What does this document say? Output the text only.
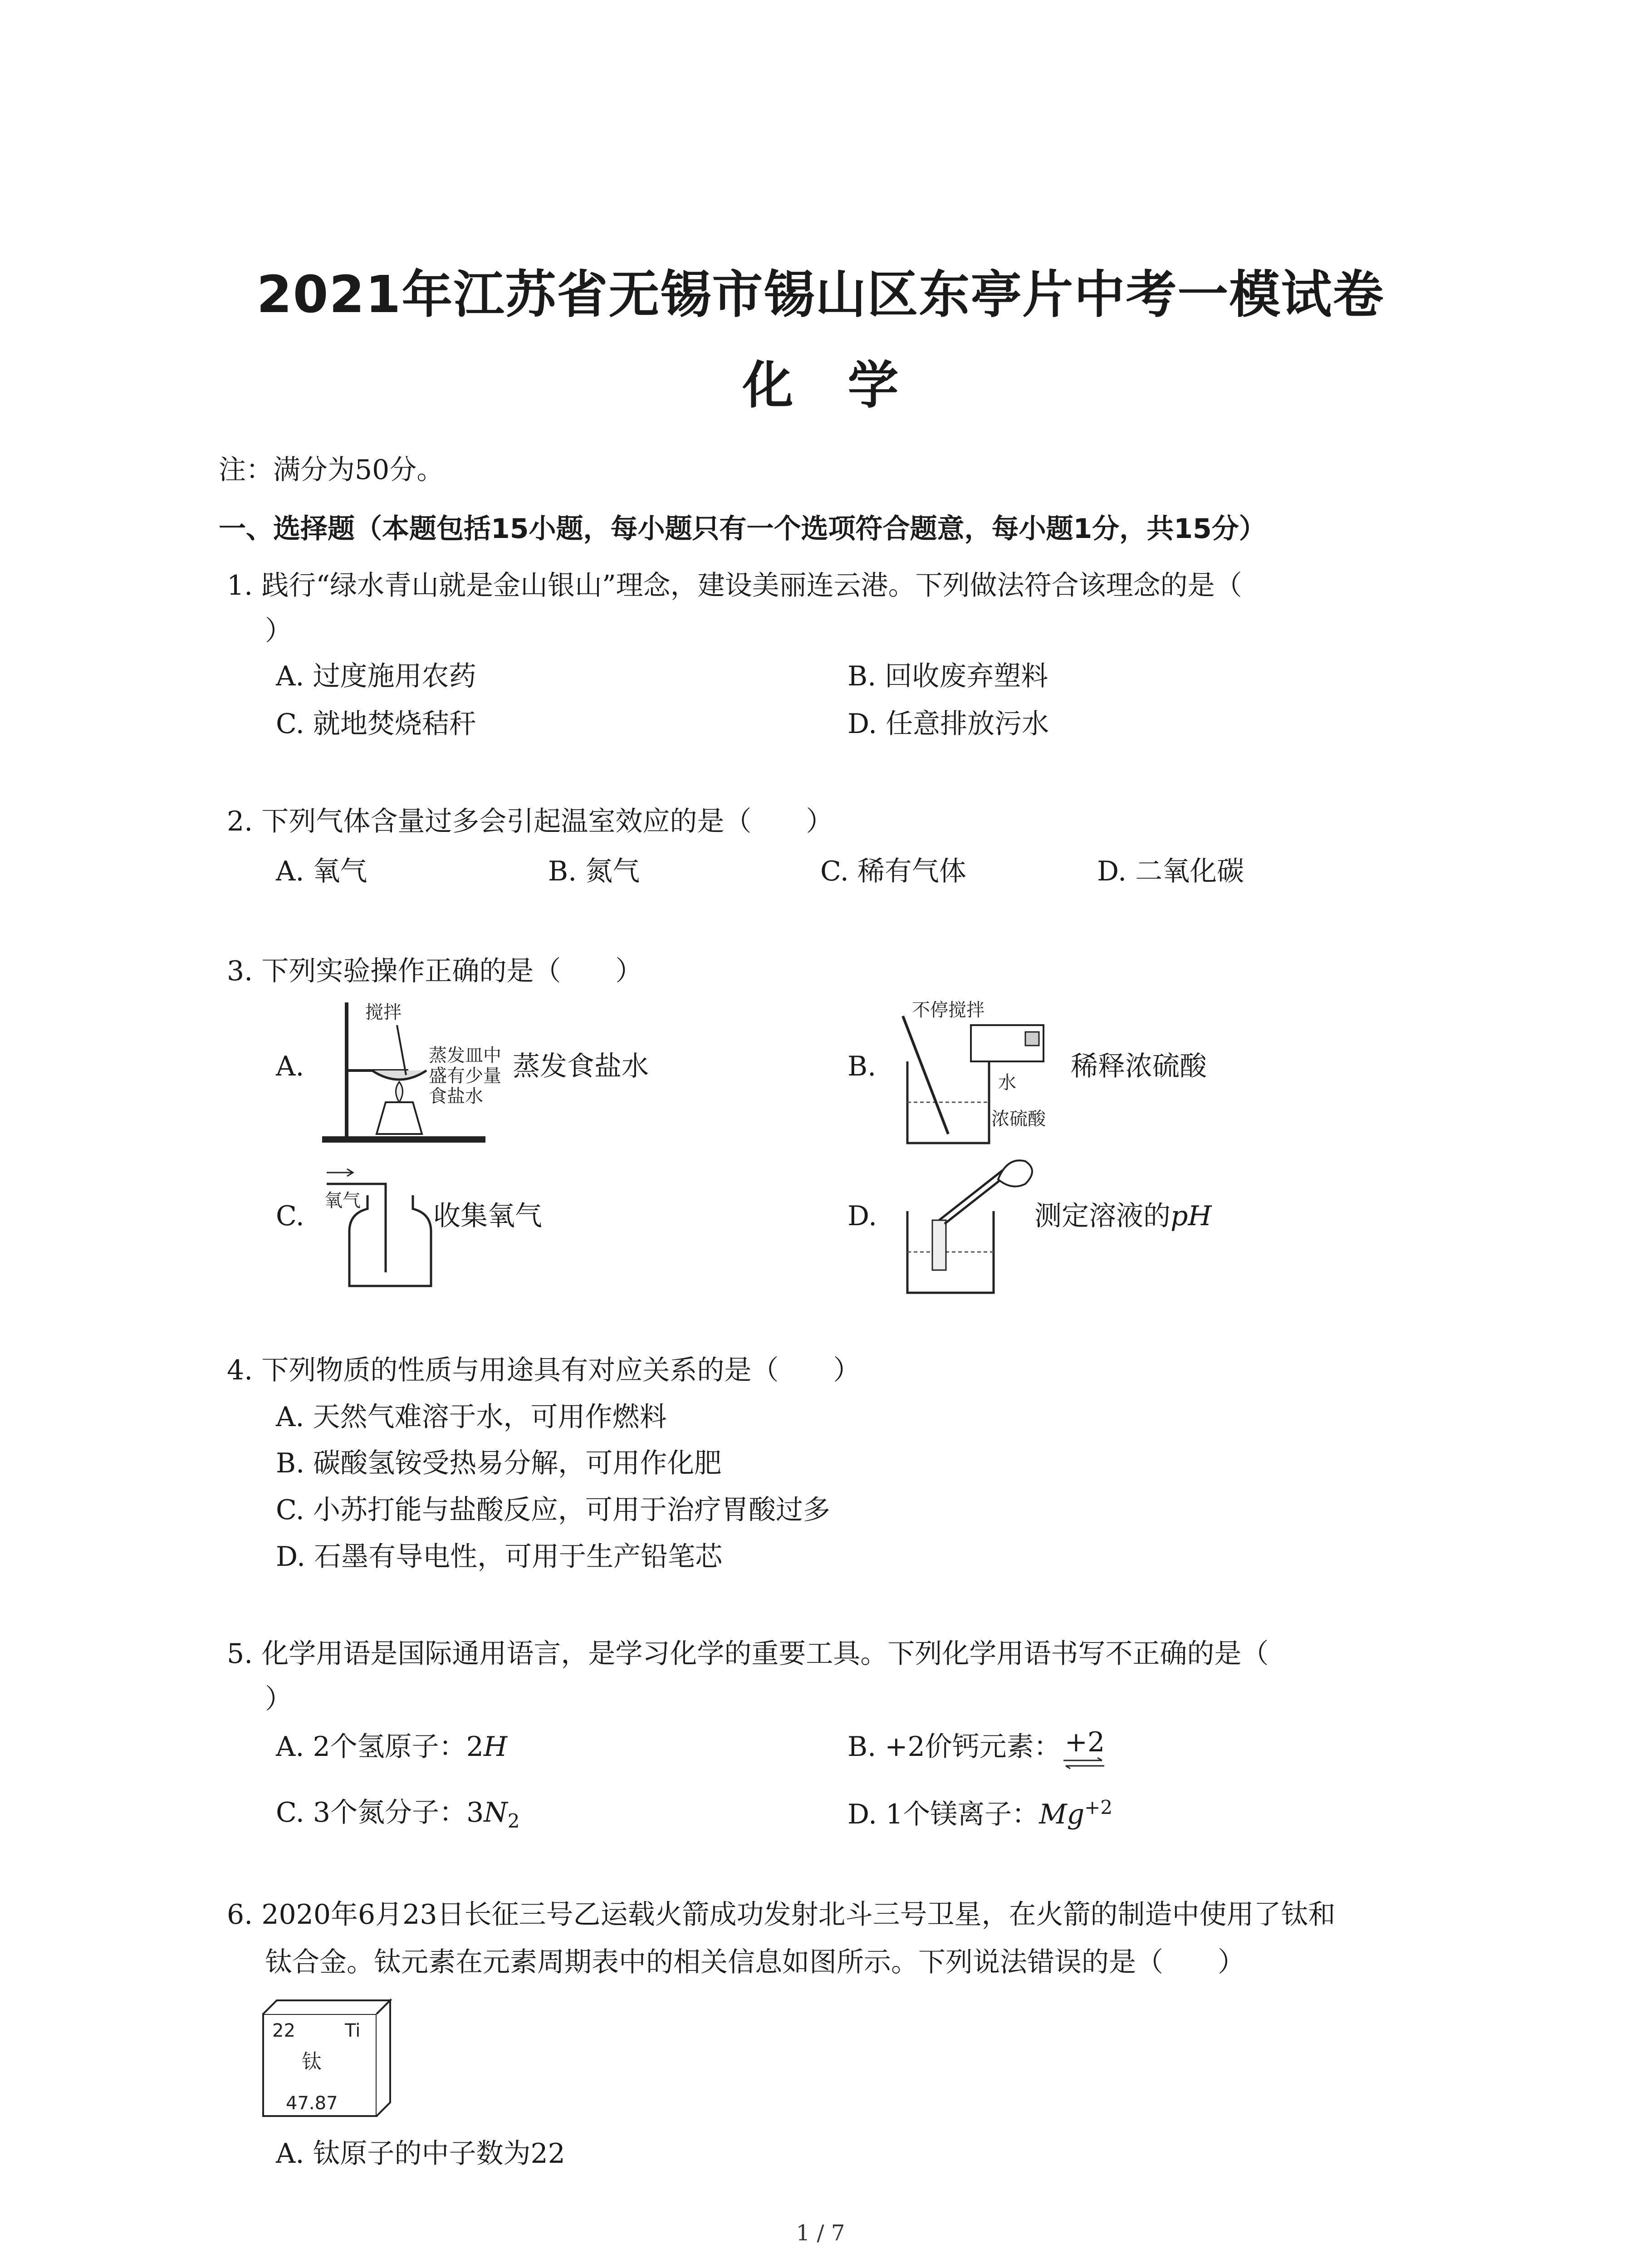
2021年江苏省无锡市锡山区东亭片中考一模试卷
化学
注：满分为50分。
一、选择题（本题包括15小题，每小题只有一个选项符合题意，每小题1分，共15分）
1. 践行“绿水青山就是金山银山”理念，建设美丽连云港。下列做法符合该理念的是（
）
A. 过度施用农药	B. 回收废弃塑料
C. 就地焚烧秸秆	D. 任意排放污水
2. 下列气体含量过多会引起温室效应的是（　　）
A. 氧气	B. 氮气	C. 稀有气体	D. 二氧化碳
3. 下列实验操作正确的是（　　）
A.
搅拌
蒸发皿中
盛有少量
食盐水
蒸发食盐水	B.
不停搅拌
水
浓硫酸
稀释浓硫酸
C. 氧气	收集氧气	D.	测定溶液的pH
4. 下列物质的性质与用途具有对应关系的是（　　）
A. 天然气难溶于水，可用作燃料
B. 碳酸氢铵受热易分解，可用作化肥
C. 小苏打能与盐酸反应，可用于治疗胃酸过多
D. 石墨有导电性，可用于生产铅笔芯
5. 化学用语是国际通用语言，是学习化学的重要工具。下列化学用语书写不正确的是（
）
A. 2个氢原子：2H	B. +2价钙元素： +2
C. 3个氮分子：$3N_2$	D. 1个镁离子：$Mg^{+2}$
6. 2020年6月23日长征三号乙运载火箭成功发射北斗三号卫星，在火箭的制造中使用了钛和
钛合金。钛元素在元素周期表中的相关信息如图所示。下列说法错误的是（　　）
22	Ti
钛
47.87
A. 钛原子的中子数为22
1 / 7
